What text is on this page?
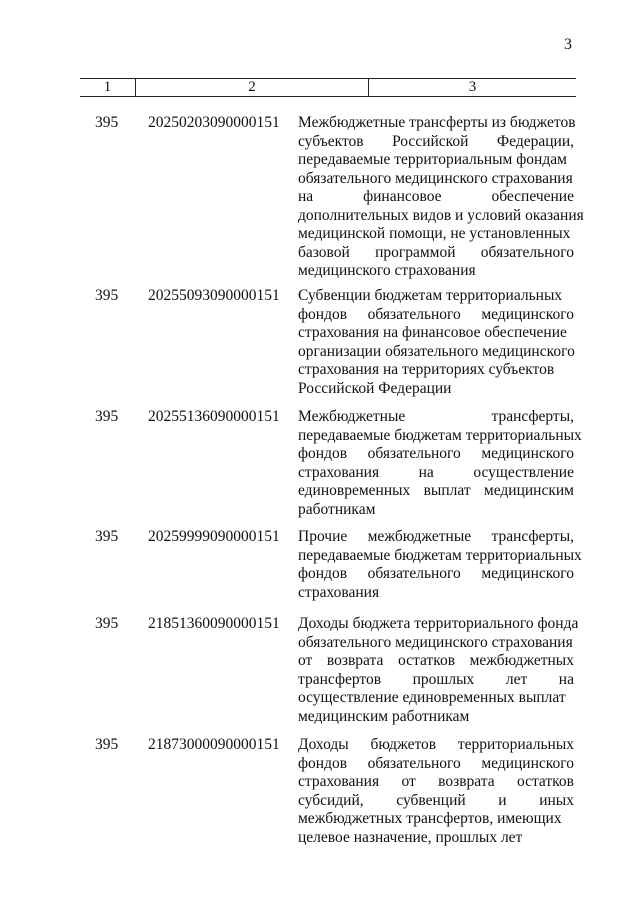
3
1	2	3
395 20250203090000151 Межбюджетные трансферты из бюджетов
субъектов Российской Федерации,
передаваемые территориальным фондам
обязательного медицинского страхования
на	финансовое	обеспечение
дополнительных видов и условий оказания
медицинской помощи, не установленных
базовой программой обязательного
медицинского страхования
395 20255093090000151 Субвенции бюджетам территориальных
фондов обязательного медицинского
страхования на финансовое обеспечение
организации обязательного медицинского
страхования на территориях субъектов
Российской Федерации
395 20255136090000151 Межбюджетные	трансферты,
передаваемые бюджетам территориальных
фондов обязательного медицинского
страхования	на	осуществление
единовременных выплат медицинским
работникам
395 20259999090000151 Прочие межбюджетные трансферты,
передаваемые бюджетам территориальных
фондов обязательного медицинского
страхования
395 21851360090000151 Доходы бюджета территориального фонда
обязательного медицинского страхования
от возврата остатков межбюджетных
трансфертов прошлых лет на
осуществление единовременных выплат
медицинским работникам
395 21873000090000151 Доходы бюджетов территориальных
фондов обязательного медицинского
страхования от возврата остатков
субсидий, субвенций и иных
межбюджетных трансфертов, имеющих
целевое назначение, прошлых лет
